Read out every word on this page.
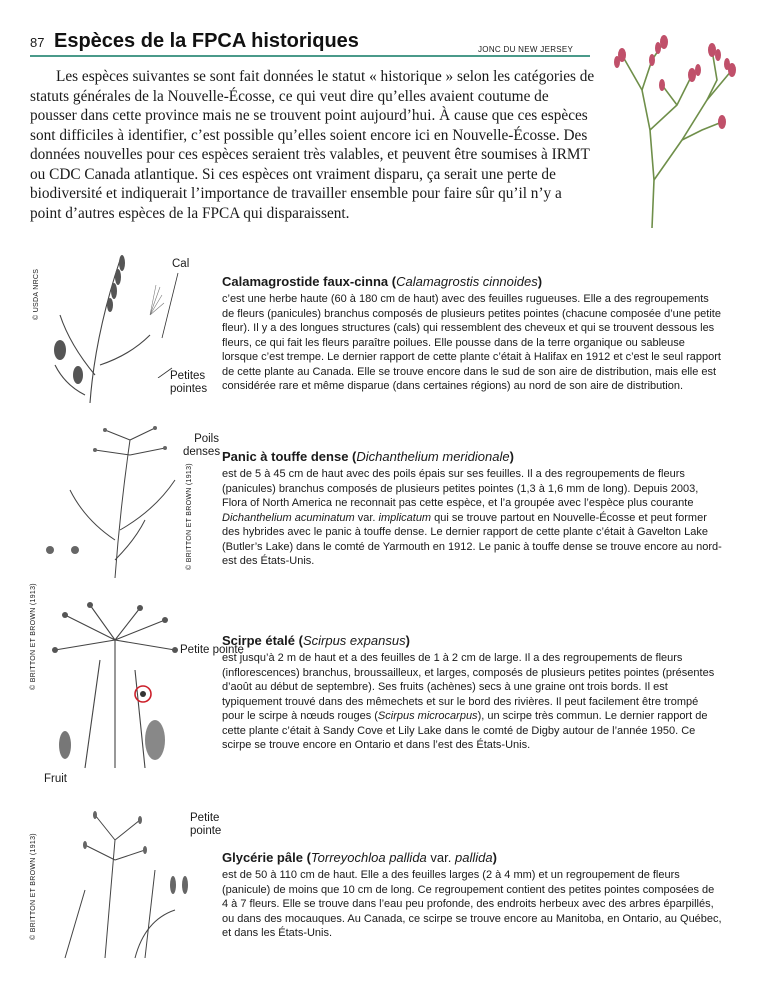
87 Espèces de la FPCA historiques	JONC DU NEW JERSEY
Les espèces suivantes se sont fait données le statut « historique » selon les catégories de statuts générales de la Nouvelle-Écosse, ce qui veut dire qu’elles avaient coutume de pousser dans cette province mais ne se trouvent point aujourd’hui. À cause que ces espèces sont difficiles à identifier, c’est possible qu’elles soient encore ici en Nouvelle-Écosse. Des données nouvelles pour ces espèces seraient très valables, et peuvent être soumises à IRMT ou CDC Canada atlantique. Si ces espèces ont vraiment disparu, ça serait une perte de biodiversité et indiquerait l’importance de travailler ensemble pour faire sûr qu’il n’y a point d’autres espèces de la FPCA qui disparaissent.
Cal
Petites pointes
© USDA NRCS	Calamagrostide faux-cinna (Calamagrostis cinnoides)
c’est une herbe haute (60 à 180 cm de haut) avec des feuilles rugueuses. Elle a des regroupements de fleurs (panicules) branchus composés de plusieurs petites pointes (chacune composée d’une petite fleur). Il y a des longues structures (cals) qui ressemblent des cheveux et qui se trouvent dessous les fleurs, ce qui fait les fleurs paraître poilues. Elle pousse dans de la terre organique ou sableuse lorsque c’est trempe. Le dernier rapport de cette plante c’était à Halifax en 1912 et c’est le seul rapport de cette plante au Canada. Elle se trouve encore dans le sud de son aire de distribution, mais elle est considérée rare et même disparue (dans certaines régions) au nord de son aire de distribution.
Poils denses
© BRITTON ET BROWN (1913)
Panic à touffe dense (Dichanthelium meridionale)
est de 5 à 45 cm de haut avec des poils épais sur ses feuilles. Il a des regroupements de fleurs (panicules) branchus composés de plusieurs petites pointes (1,3 à 1,6 mm de long). Depuis 2003, Flora of North America ne reconnait pas cette espèce, et l’a groupée avec l’espèce plus courante Dichanthelium acuminatum var. implicatum qui se trouve partout en Nouvelle-Écosse et peut former des hybrides avec le panic à touffe dense. Le dernier rapport de cette plante c’était à Gavelton Lake (Butler’s Lake) dans le comté de Yarmouth en 1912. Le panic à touffe dense se trouve encore au nord-est des États-Unis.
Petite pointe
Fruit
© BRITTON ET BROWN (1913)	Scirpe étalé (Scirpus expansus)
est jusqu’à 2 m de haut et a des feuilles de 1 à 2 cm de large. Il a des regroupements de fleurs (inflorescences) branchus, broussailleux, et larges, composés de plusieurs petites pointes (présentes d’août au début de septembre). Ses fruits (achènes) secs à une graine ont trois bords. Il est typiquement trouvé dans des mêmechets et sur le bord des rivières. Il peut facilement être trompé pour le scirpe à nœuds rouges (Scirpus microcarpus), un scirpe très commun. Le dernier rapport de cette plante c’était à Sandy Cove et Lily Lake dans le comté de Digby autour de l’année 1950. Ce scirpe se trouve encore en Ontario et dans l’est des États-Unis.
Petite pointe
© BRITTON ET BROWN (1913)	Glycérie pâle (Torreyochloa pallida var. pallida)
est de 50 à 110 cm de haut. Elle a des feuilles larges (2 à 4 mm) et un regroupement de fleurs (panicule) de moins que 10 cm de long. Ce regroupement contient des petites pointes composées de 4 à 7 fleurs. Elle se trouve dans l’eau peu profonde, des endroits herbeux avec des arbres éparpillés, ou dans des mocauques. Au Canada, ce scirpe se trouve encore au Manitoba, en Ontario, au Québec, et dans les États-Unis.
